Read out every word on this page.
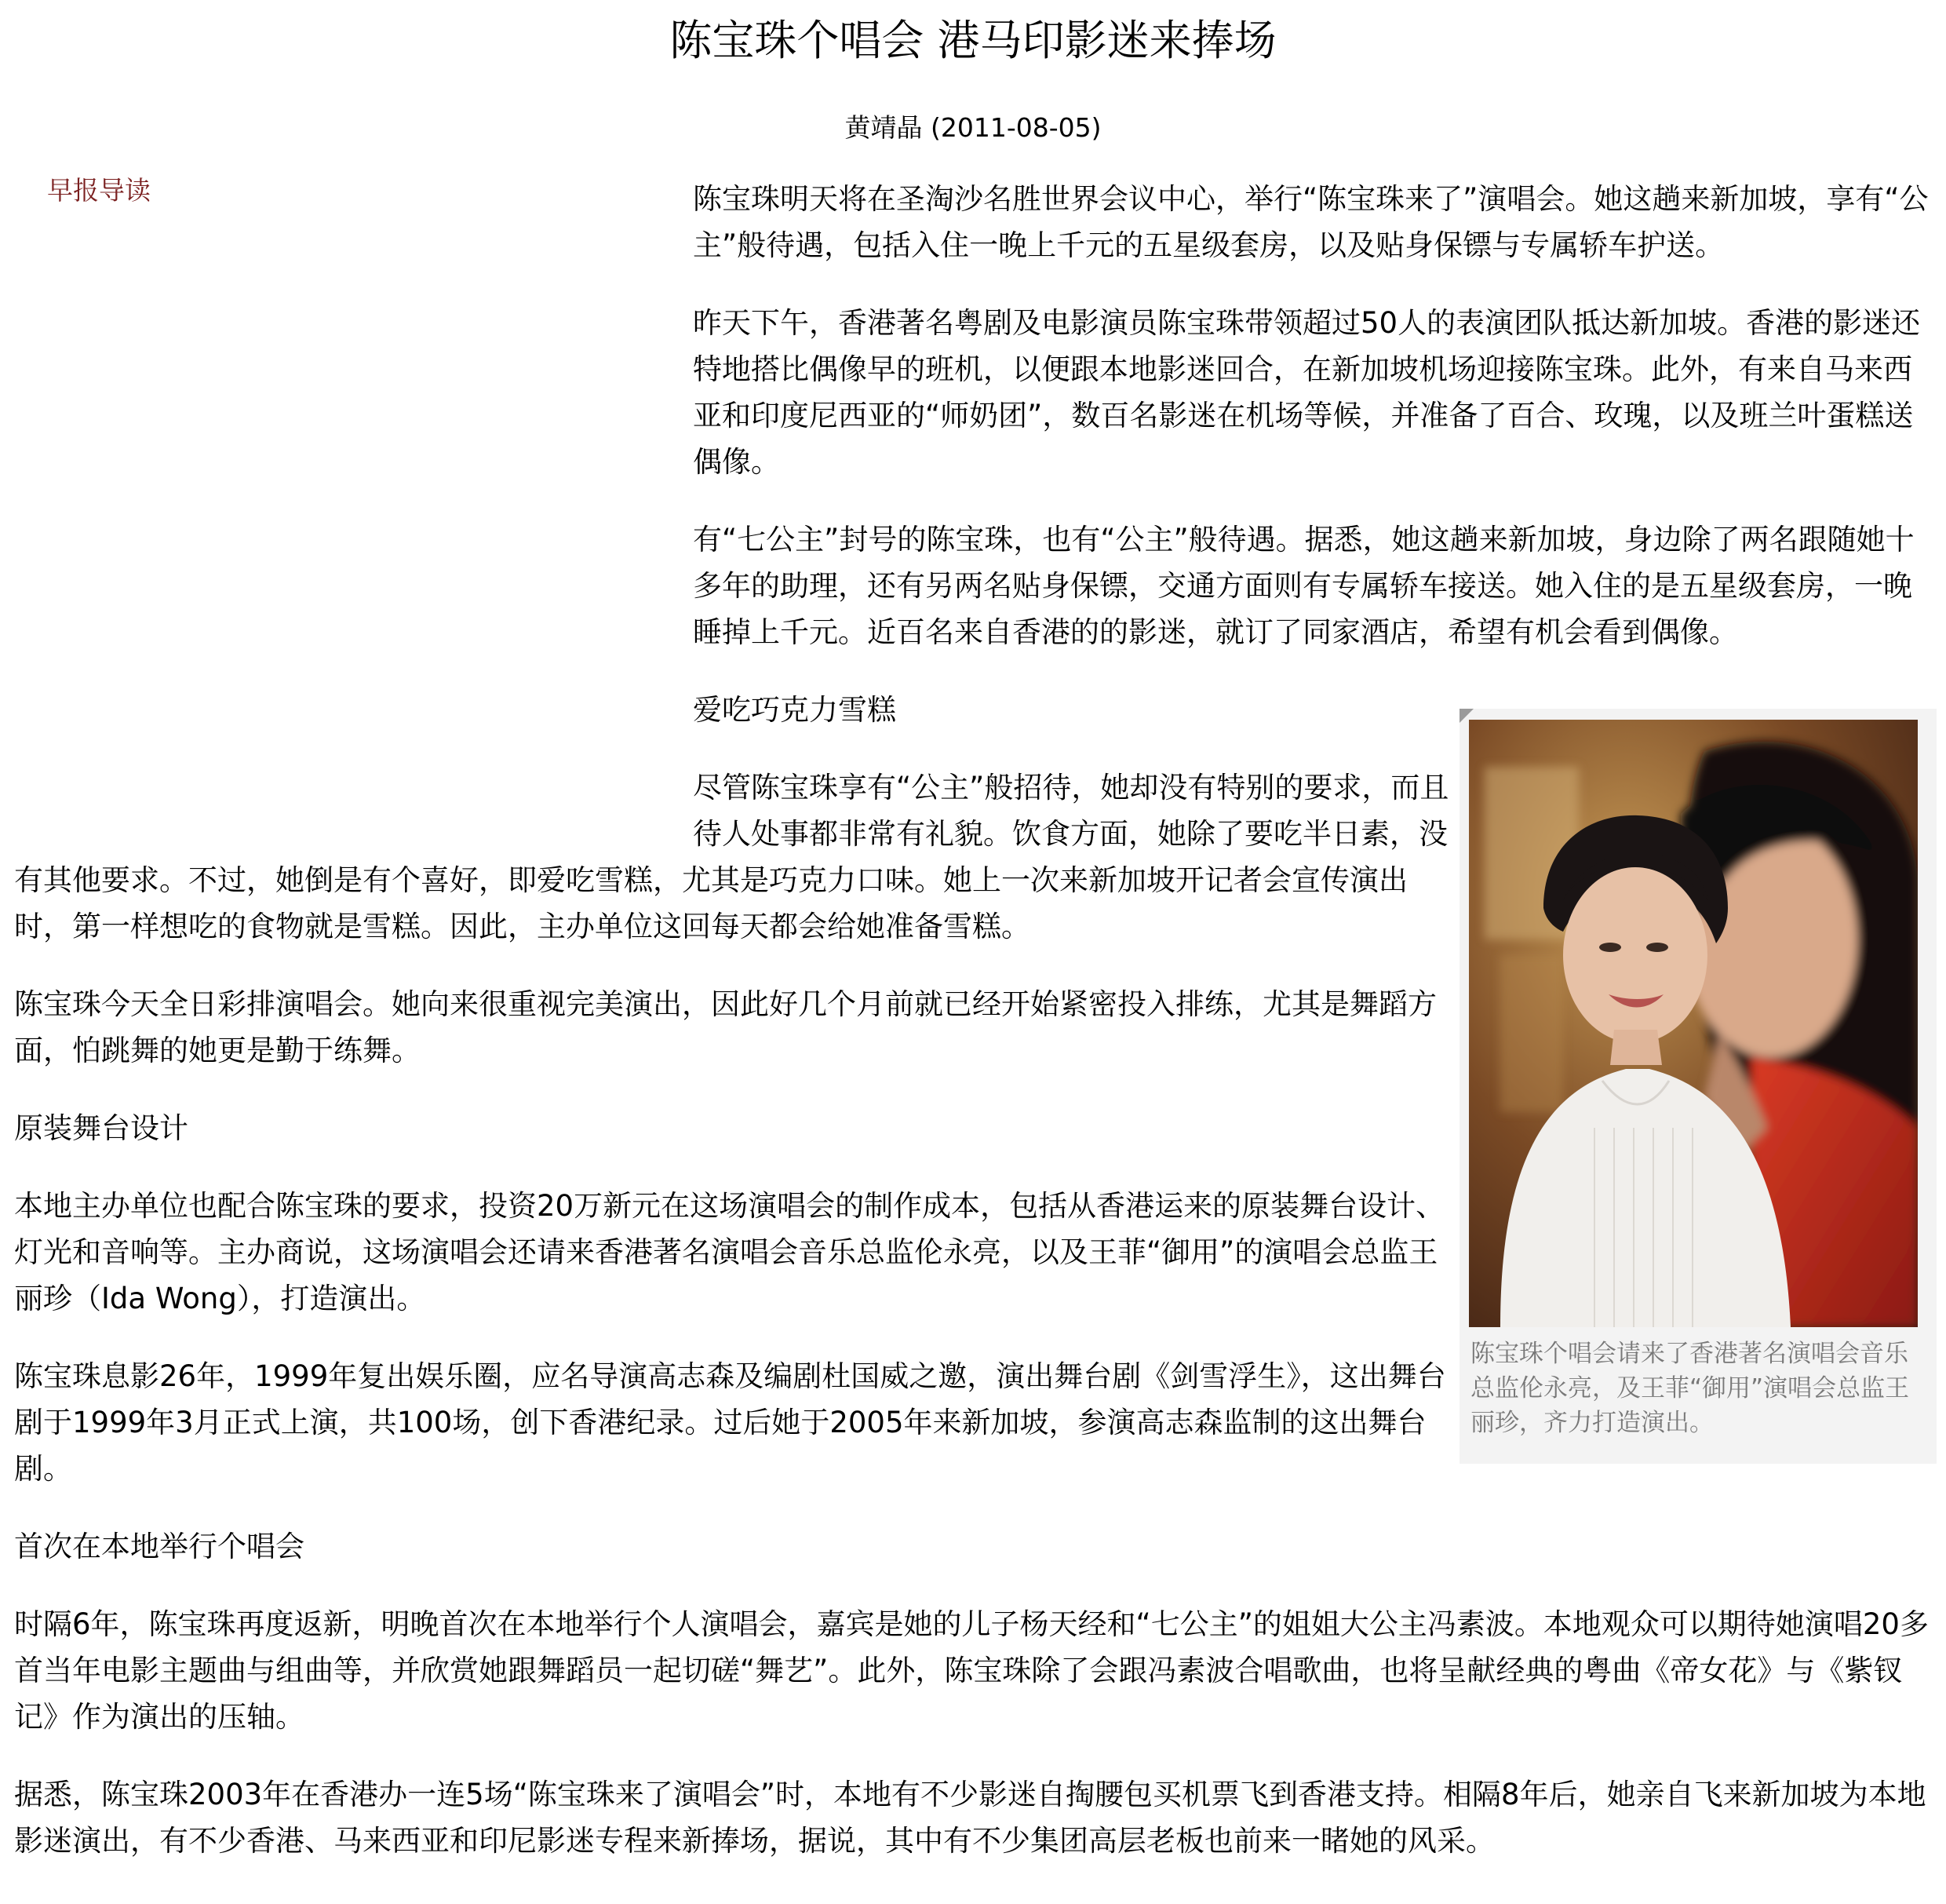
陈宝珠个唱会 港马印影迷来捧场
黄靖晶 (2011-08-05)
早报导读	陈宝珠明天将在圣淘沙名胜世界会议中心，举行“陈宝珠来了”演唱会。她这趟来新加坡，享有“公主”般待遇，包括入住一晚上千元的五星级套房，以及贴身保镖与专属轿车护送。

昨天下午，香港著名粤剧及电影演员陈宝珠带领超过50人的表演团队抵达新加坡。香港的影迷还特地搭比偶像早的班机，以便跟本地影迷回合，在新加坡机场迎接陈宝珠。此外，有来自马来西亚和印度尼西亚的“师奶团”，数百名影迷在机场等候，并准备了百合、玫瑰，以及班兰叶蛋糕送偶像。

有“七公主”封号的陈宝珠，也有“公主”般待遇。据悉，她这趟来新加坡，身边除了两名跟随她十多年的助理，还有另两名贴身保镖，交通方面则有专属轿车接送。她入住的是五星级套房，一晚睡掉上千元。近百名来自香港的的影迷，就订了同家酒店，希望有机会看到偶像。

陈宝珠个唱会请来了香港著名演唱会音乐总监伦永亮，及王菲“御用”演唱会总监王丽珍，齐力打造演出。

爱吃巧克力雪糕

尽管陈宝珠享有“公主”般招待，她却没有特别的要求，而且待人处事都非常有礼貌。饮食方面，她除了要吃半日素，没有其他要求。不过，她倒是有个喜好，即爱吃雪糕，尤其是巧克力口味。她上一次来新加坡开记者会宣传演出时，第一样想吃的食物就是雪糕。因此，主办单位这回每天都会给她准备雪糕。

陈宝珠今天全日彩排演唱会。她向来很重视完美演出，因此好几个月前就已经开始紧密投入排练，尤其是舞蹈方面，怕跳舞的她更是勤于练舞。

原装舞台设计

本地主办单位也配合陈宝珠的要求，投资20万新元在这场演唱会的制作成本，包括从香港运来的原装舞台设计、灯光和音响等。主办商说，这场演唱会还请来香港著名演唱会音乐总监伦永亮，以及王菲“御用”的演唱会总监王丽珍（Ida Wong），打造演出。

陈宝珠息影26年，1999年复出娱乐圈，应名导演高志森及编剧杜国威之邀，演出舞台剧《剑雪浮生》，这出舞台剧于1999年3月正式上演，共100场，创下香港纪录。过后她于2005年来新加坡，参演高志森监制的这出舞台剧。

首次在本地举行个唱会

时隔6年，陈宝珠再度返新，明晚首次在本地举行个人演唱会，嘉宾是她的儿子杨天经和“七公主”的姐姐大公主冯素波。本地观众可以期待她演唱20多首当年电影主题曲与组曲等，并欣赏她跟舞蹈员一起切磋“舞艺”。此外，陈宝珠除了会跟冯素波合唱歌曲，也将呈献经典的粤曲《帝女花》与《紫钗记》作为演出的压轴。

据悉，陈宝珠2003年在香港办一连5场“陈宝珠来了演唱会”时，本地有不少影迷自掏腰包买机票飞到香港支持。相隔8年后，她亲自飞来新加坡为本地影迷演出，有不少香港、马来西亚和印尼影迷专程来新捧场，据说，其中有不少集团高层老板也前来一睹她的风采。
